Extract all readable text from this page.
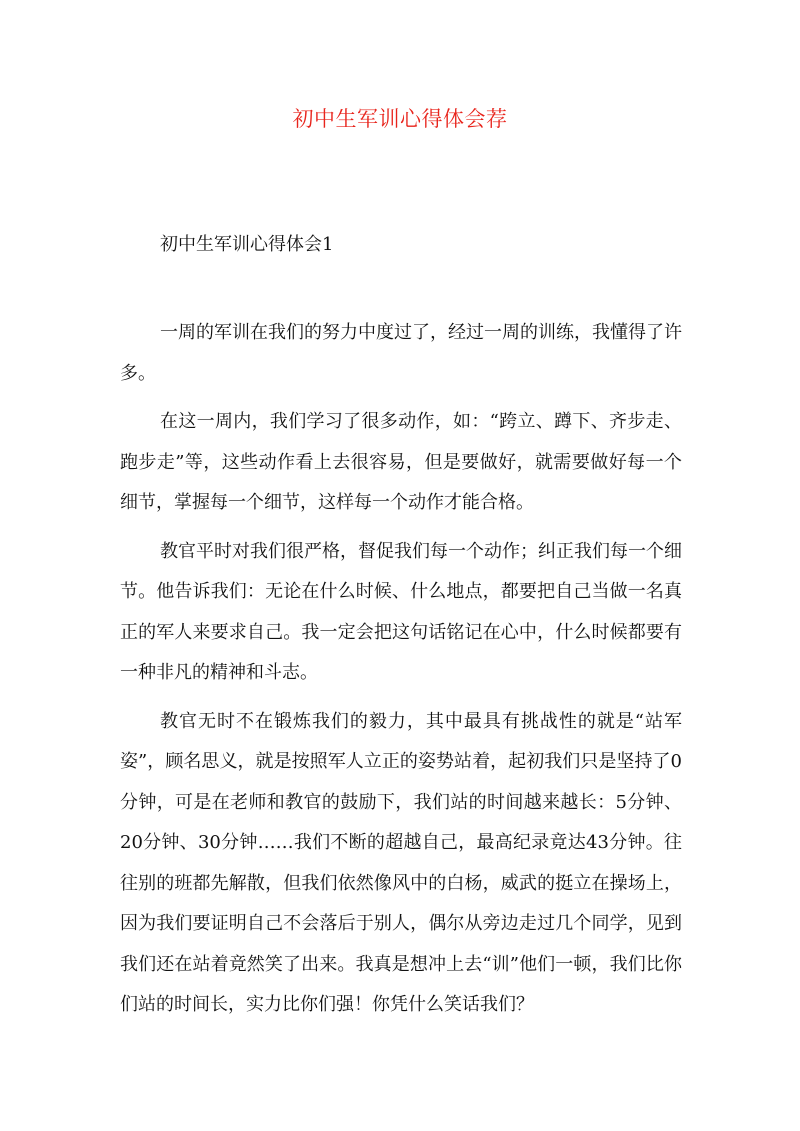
初中生军训心得体会荐
初中生军训心得体会1

一周的军训在我们的努力中度过了，经过一周的训练，我懂得了许多。

在这一周内，我们学习了很多动作，如：“跨立、蹲下、齐步走、跑步走”等，这些动作看上去很容易，但是要做好，就需要做好每一个细节，掌握每一个细节，这样每一个动作才能合格。

教官平时对我们很严格，督促我们每一个动作；纠正我们每一个细节。他告诉我们：无论在什么时候、什么地点，都要把自己当做一名真正的军人来要求自己。我一定会把这句话铭记在心中，什么时候都要有一种非凡的精神和斗志。

教官无时不在锻炼我们的毅力，其中最具有挑战性的就是“站军姿”，顾名思义，就是按照军人立正的姿势站着，起初我们只是坚持了0分钟，可是在老师和教官的鼓励下，我们站的时间越来越长：5分钟、20分钟、30分钟……我们不断的超越自己，最高纪录竟达43分钟。往往别的班都先解散，但我们依然像风中的白杨，威武的挺立在操场上，因为我们要证明自己不会落后于别人，偶尔从旁边走过几个同学，见到我们还在站着竟然笑了出来。我真是想冲上去“训”他们一顿，我们比你们站的时间长，实力比你们强！你凭什么笑话我们？
